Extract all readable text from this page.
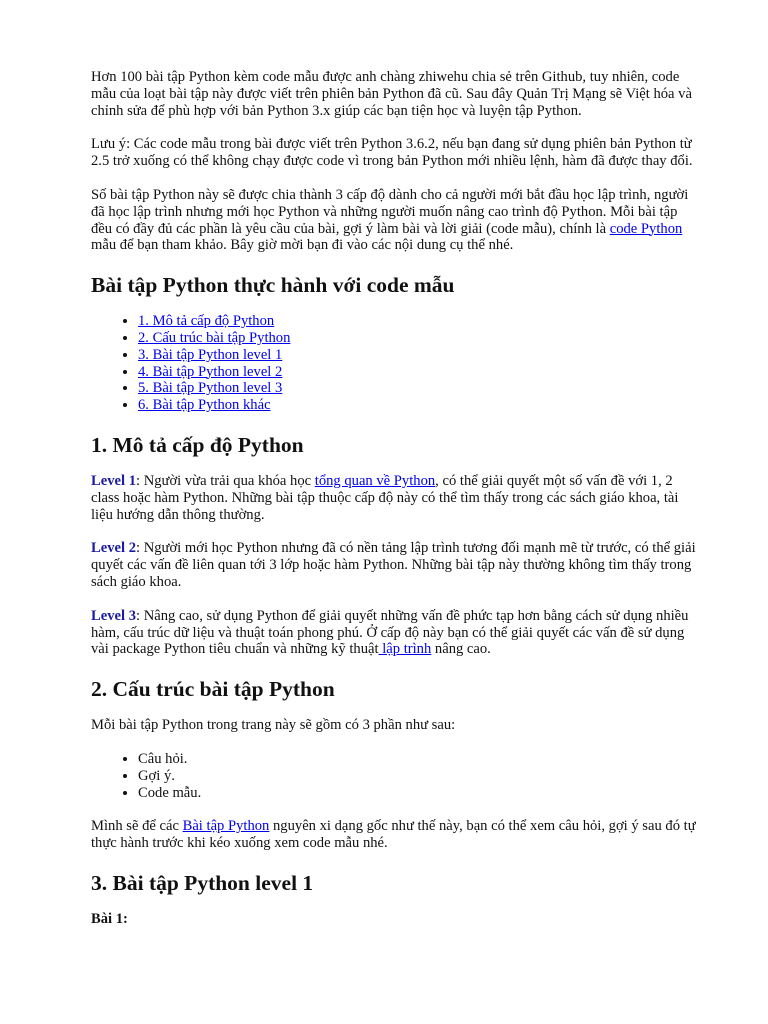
Hơn 100 bài tập Python kèm code mẫu được anh chàng zhiwehu chia sẻ trên Github, tuy nhiên, code mẫu của loạt bài tập này được viết trên phiên bản Python đã cũ. Sau đây Quản Trị Mạng sẽ Việt hóa và chỉnh sửa để phù hợp với bản Python 3.x giúp các bạn tiện học và luyện tập Python.

Lưu ý: Các code mẫu trong bài được viết trên Python 3.6.2, nếu bạn đang sử dụng phiên bản Python từ 2.5 trở xuống có thể không chạy được code vì trong bản Python mới nhiều lệnh, hàm đã được thay đổi.

Số bài tập Python này sẽ được chia thành 3 cấp độ dành cho cả người mới bắt đầu học lập trình, người đã học lập trình nhưng mới học Python và những người muốn nâng cao trình độ Python. Mỗi bài tập đều có đầy đủ các phần là yêu cầu của bài, gợi ý làm bài và lời giải (code mẫu), chính là code Python mẫu để bạn tham khảo. Bây giờ mời bạn đi vào các nội dung cụ thể nhé.

Bài tập Python thực hành với code mẫu
• 1. Mô tả cấp độ Python
• 2. Cấu trúc bài tập Python
• 3. Bài tập Python level 1
• 4. Bài tập Python level 2
• 5. Bài tập Python level 3
• 6. Bài tập Python khác
1. Mô tả cấp độ Python

Level 1: Người vừa trải qua khóa học tổng quan về Python, có thể giải quyết một số vấn đề với 1, 2 class hoặc hàm Python. Những bài tập thuộc cấp độ này có thể tìm thấy trong các sách giáo khoa, tài liệu hướng dẫn thông thường.

Level 2: Người mới học Python nhưng đã có nền tảng lập trình tương đối mạnh mẽ từ trước, có thể giải quyết các vấn đề liên quan tới 3 lớp hoặc hàm Python. Những bài tập này thường không tìm thấy trong sách giáo khoa.

Level 3: Nâng cao, sử dụng Python để giải quyết những vấn đề phức tạp hơn bằng cách sử dụng nhiều hàm, cấu trúc dữ liệu và thuật toán phong phú. Ở cấp độ này bạn có thể giải quyết các vấn đề sử dụng vài package Python tiêu chuẩn và những kỹ thuật lập trình nâng cao.

2. Cấu trúc bài tập Python

Mỗi bài tập Python trong trang này sẽ gồm có 3 phần như sau:

• Câu hỏi.
• Gợi ý.
• Code mẫu.

Mình sẽ để các Bài tập Python nguyên xi dạng gốc như thế này, bạn có thể xem câu hỏi, gợi ý sau đó tự thực hành trước khi kéo xuống xem code mẫu nhé.

3. Bài tập Python level 1

Bài 1:
